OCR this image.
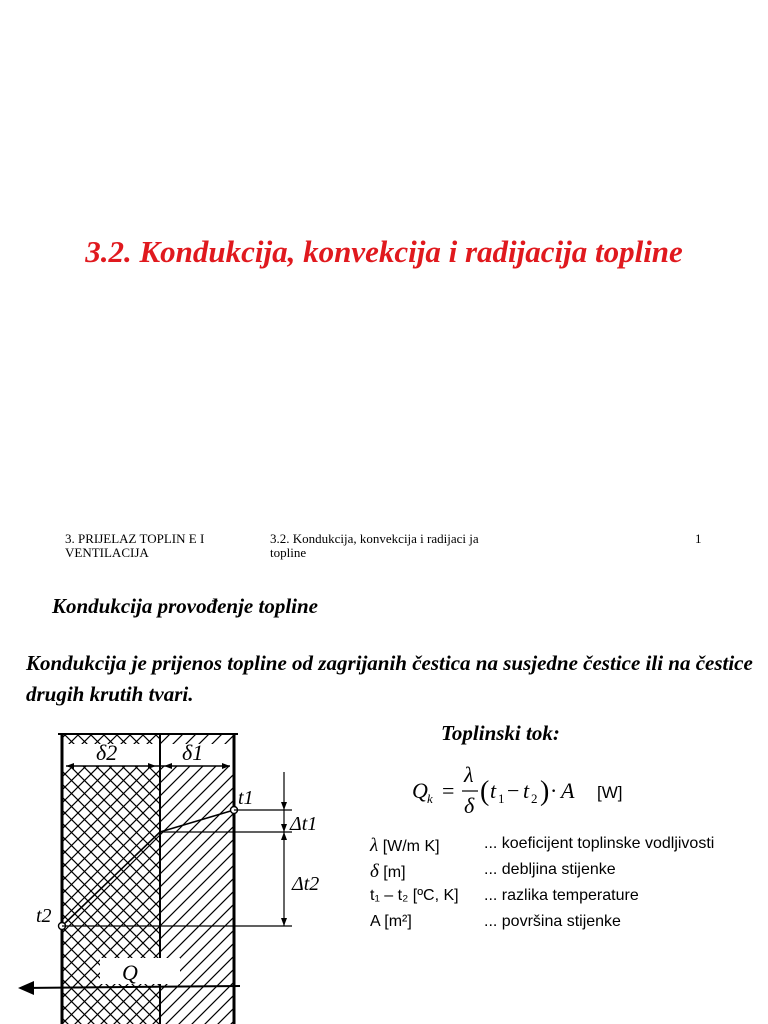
3.2. Kondukcija, konvekcija i radijacija topline
3. PRIJELAZ TOPLIN E I VENTILACIJA
3.2. Kondukcija, konvekcija i radijaci ja topline
1
Kondukcija provođenje topline
Kondukcija je prijenos topline od zagrijanih čestica na susjedne čestice ili na čestice drugih krutih tvari.
Toplinski tok:
Q k =
λ
δ ( t 1 − t 2 ) · A [W]
λ [W/m K]	... koeficijent toplinske vodljivosti
δ [m]	... debljina stijenke
t₁ – t₂ [ºC, K] ... razlika temperature
A [m²]	... površina stijenke
δ2	δ1
t1
t2
Δt1
Δt2
Q
